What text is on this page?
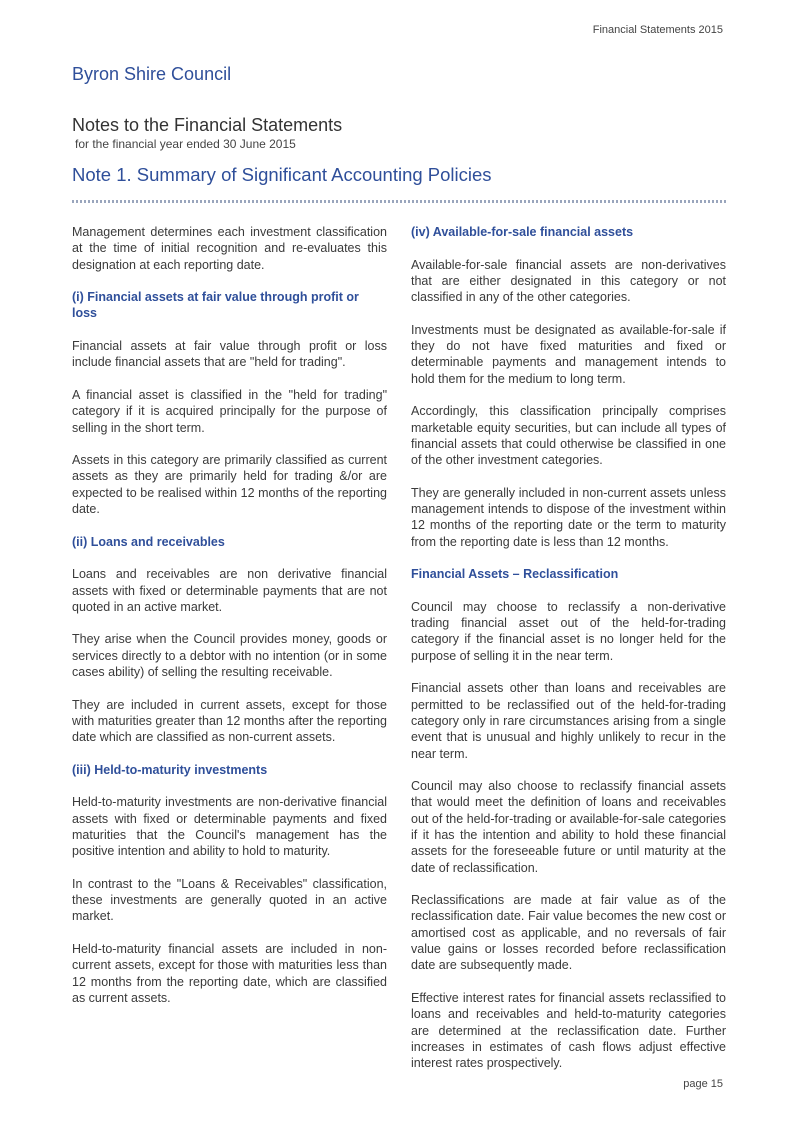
Financial Statements 2015
Byron Shire Council
Notes to the Financial Statements
for the financial year ended 30 June 2015
Note 1. Summary of Significant Accounting Policies

Management determines each investment classification at the time of initial recognition and re-evaluates this designation at each reporting date.

(i) Financial assets at fair value through profit or loss

Financial assets at fair value through profit or loss include financial assets that are "held for trading".

A financial asset is classified in the "held for trading" category if it is acquired principally for the purpose of selling in the short term.

Assets in this category are primarily classified as current assets as they are primarily held for trading &/or are expected to be realised within 12 months of the reporting date.

(ii) Loans and receivables

Loans and receivables are non derivative financial assets with fixed or determinable payments that are not quoted in an active market.

They arise when the Council provides money, goods or services directly to a debtor with no intention (or in some cases ability) of selling the resulting receivable.

They are included in current assets, except for those with maturities greater than 12 months after the reporting date which are classified as non-current assets.

(iii) Held-to-maturity investments

Held-to-maturity investments are non-derivative financial assets with fixed or determinable payments and fixed maturities that the Council's management has the positive intention and ability to hold to maturity.

In contrast to the "Loans & Receivables" classification, these investments are generally quoted in an active market.

Held-to-maturity financial assets are included in non-current assets, except for those with maturities less than 12 months from the reporting date, which are classified as current assets.

(iv) Available-for-sale financial assets

Available-for-sale financial assets are non-derivatives that are either designated in this category or not classified in any of the other categories.

Investments must be designated as available-for-sale if they do not have fixed maturities and fixed or determinable payments and management intends to hold them for the medium to long term.

Accordingly, this classification principally comprises marketable equity securities, but can include all types of financial assets that could otherwise be classified in one of the other investment categories.

They are generally included in non-current assets unless management intends to dispose of the investment within 12 months of the reporting date or the term to maturity from the reporting date is less than 12 months.

Financial Assets – Reclassification

Council may choose to reclassify a non-derivative trading financial asset out of the held-for-trading category if the financial asset is no longer held for the purpose of selling it in the near term.

Financial assets other than loans and receivables are permitted to be reclassified out of the held-for-trading category only in rare circumstances arising from a single event that is unusual and highly unlikely to recur in the near term.

Council may also choose to reclassify financial assets that would meet the definition of loans and receivables out of the held-for-trading or available-for-sale categories if it has the intention and ability to hold these financial assets for the foreseeable future or until maturity at the date of reclassification.

Reclassifications are made at fair value as of the reclassification date. Fair value becomes the new cost or amortised cost as applicable, and no reversals of fair value gains or losses recorded before reclassification date are subsequently made.

Effective interest rates for financial assets reclassified to loans and receivables and held-to-maturity categories are determined at the reclassification date. Further increases in estimates of cash flows adjust effective interest rates prospectively.

page 15
